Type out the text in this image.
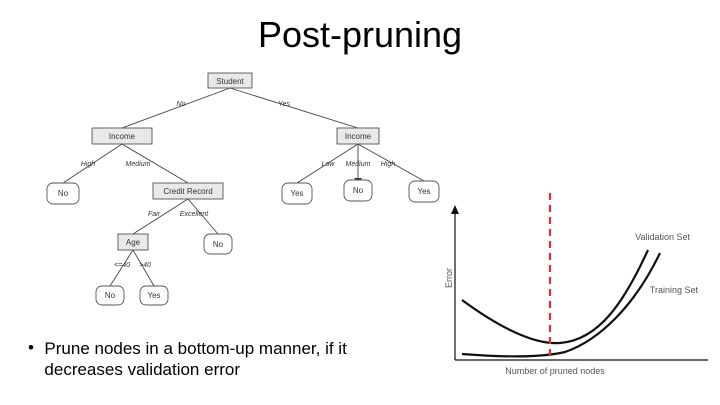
Post-pruning
Student
Income	Income
No	Credit Record	Yes	No	Yes
Age	No
No	Yes
No	Yes
High	Medium	Low Medium High
Fair	Excellent
<=40 >40
Error
Number of pruned nodes
Validation Set
Training Set
• Prune nodes in a bottom-up manner, if it decreases validation error
